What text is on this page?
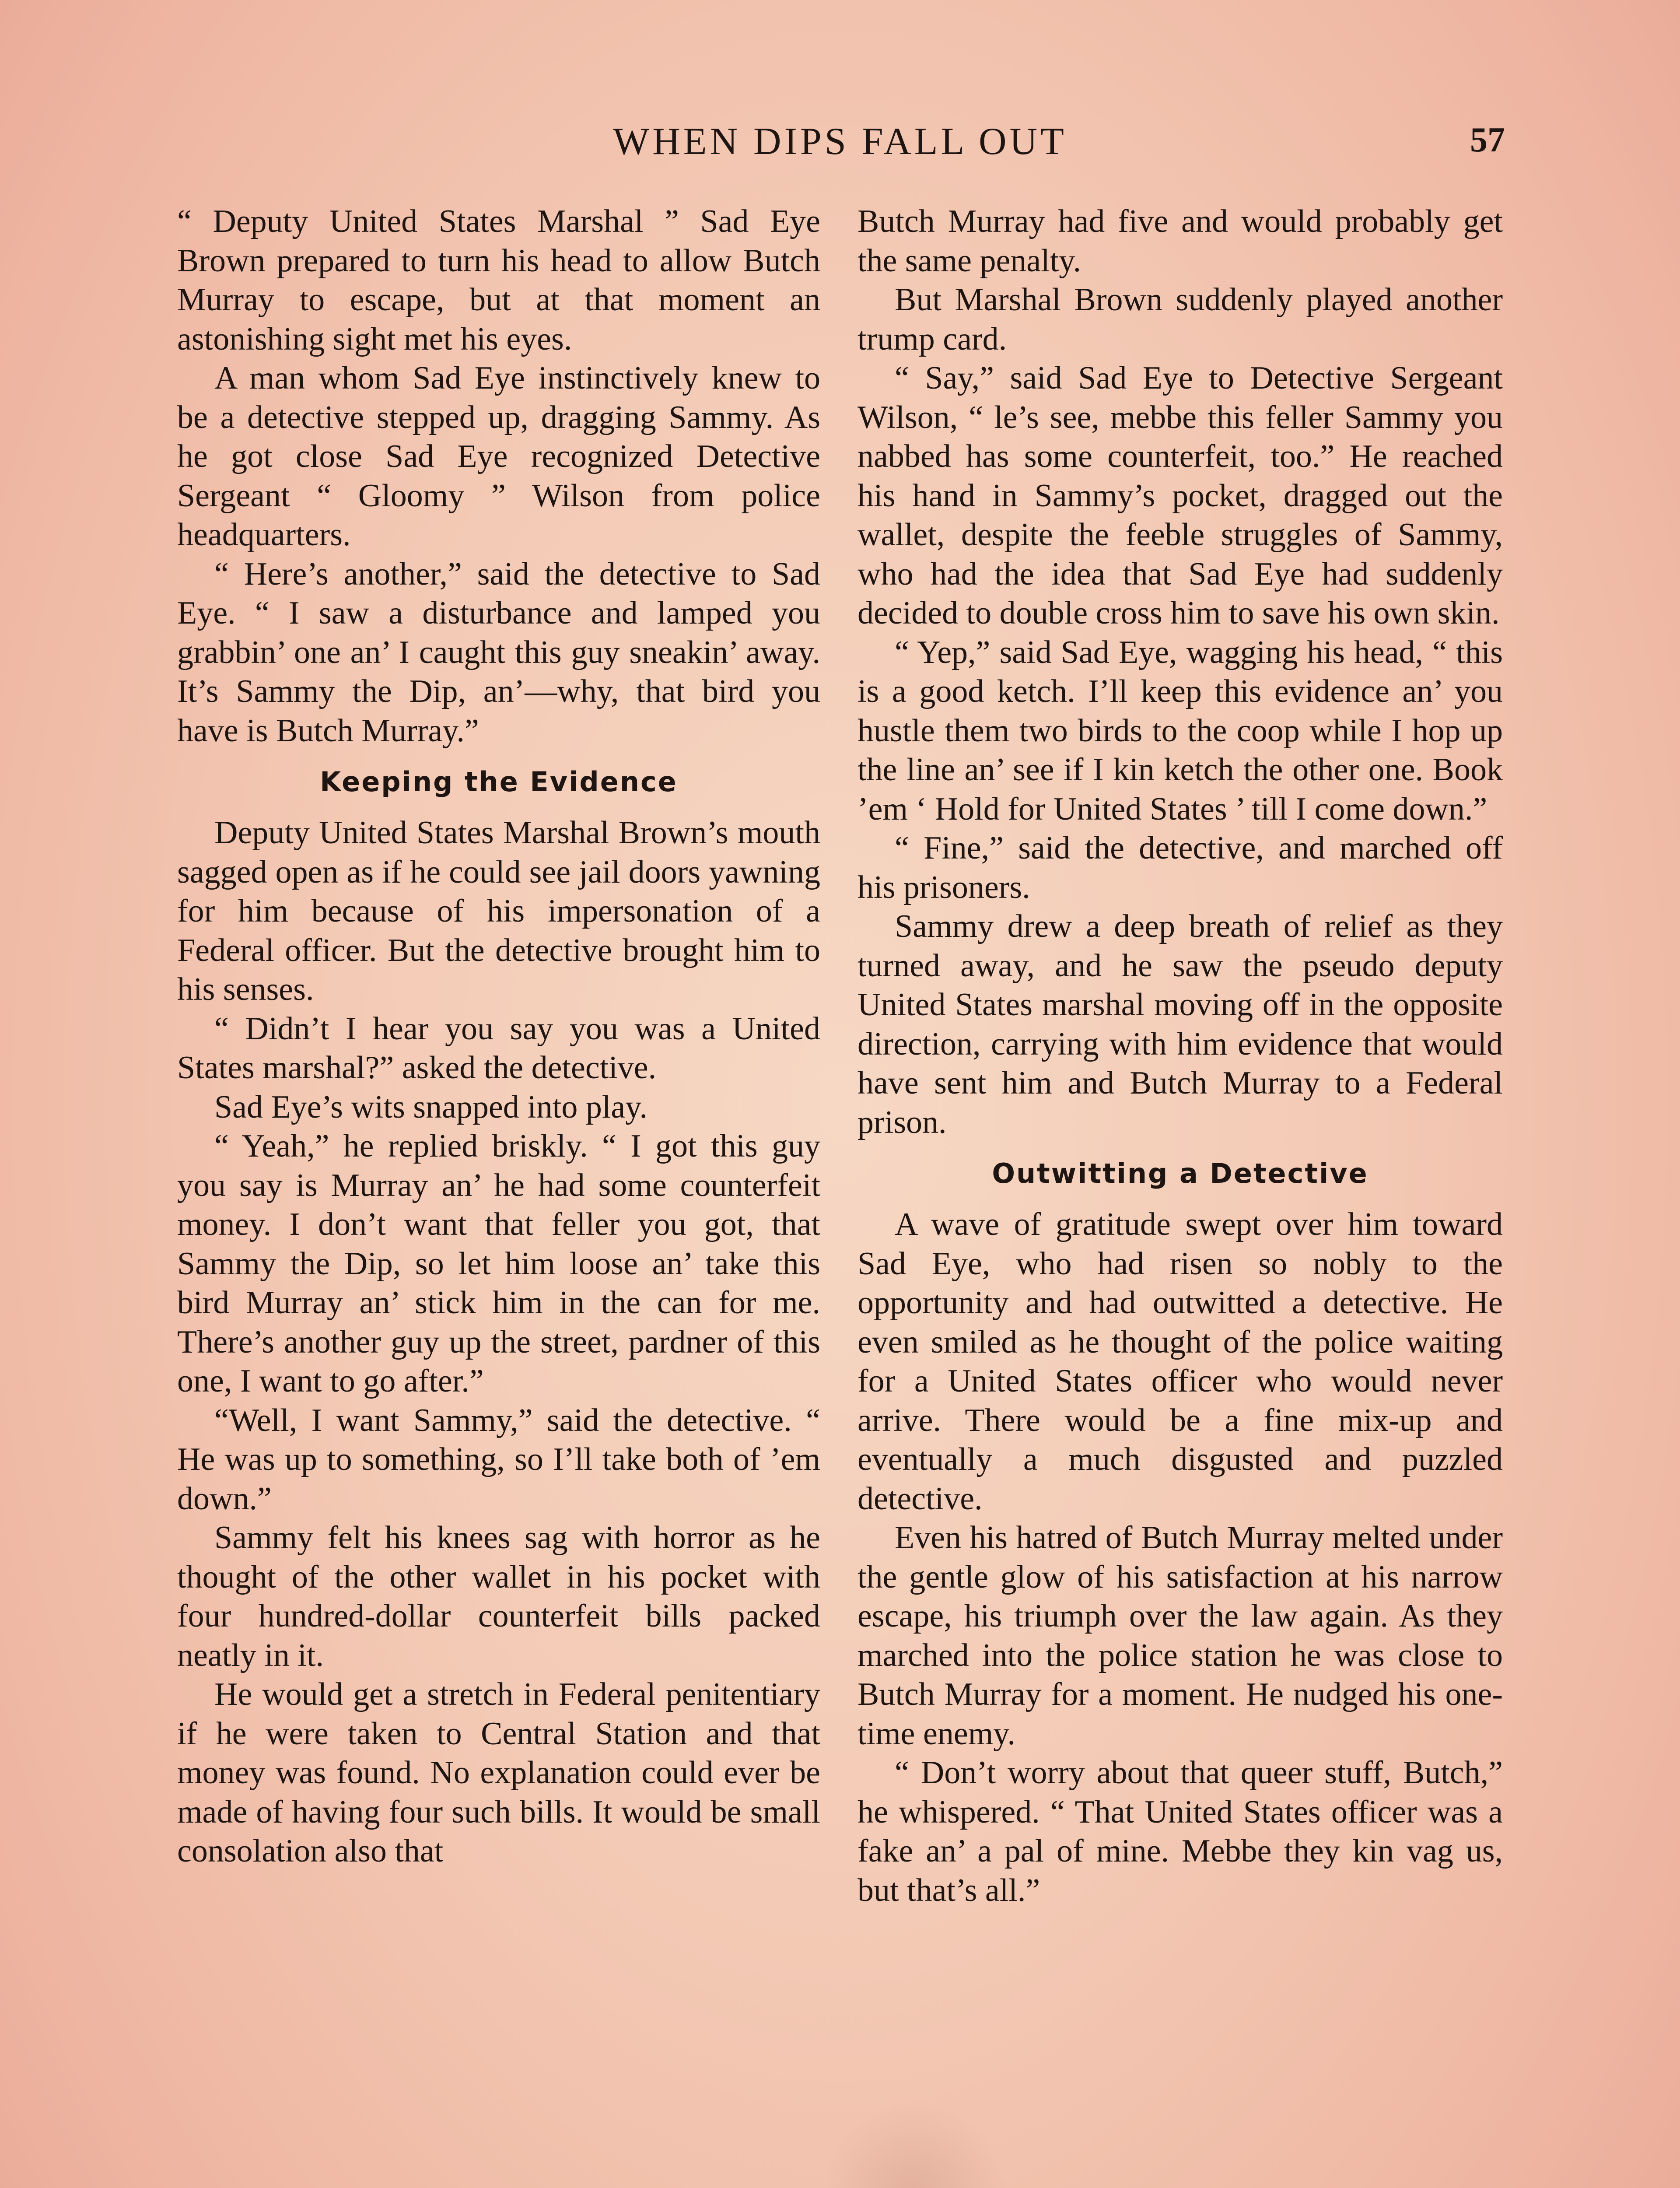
WHEN DIPS FALL OUT	57

“ Deputy United States Marshal ” Sad Eye Brown prepared to turn his head to allow Butch Murray to escape, but at that moment an astonishing sight met his eyes.

A man whom Sad Eye instinctively knew to be a detective stepped up, dragging Sammy. As he got close Sad Eye recognized Detective Sergeant “ Gloomy ” Wilson from police headquarters.

“ Here’s another,” said the detective to Sad Eye. “ I saw a disturbance and lamped you grabbin’ one an’ I caught this guy sneakin’ away. It’s Sammy the Dip, an’—why, that bird you have is Butch Murray.”

Keeping the Evidence

Deputy United States Marshal Brown’s mouth sagged open as if he could see jail doors yawning for him because of his impersonation of a Federal officer. But the detective brought him to his senses.

“ Didn’t I hear you say you was a United States marshal?” asked the detective.

Sad Eye’s wits snapped into play.

“ Yeah,” he replied briskly. “ I got this guy you say is Murray an’ he had some counterfeit money. I don’t want that feller you got, that Sammy the Dip, so let him loose an’ take this bird Murray an’ stick him in the can for me. There’s another guy up the street, pardner of this one, I want to go after.”

“Well, I want Sammy,” said the detective. “ He was up to something, so I’ll take both of ’em down.”

Sammy felt his knees sag with horror as he thought of the other wallet in his pocket with four hundred-dollar counterfeit bills packed neatly in it.

He would get a stretch in Federal penitentiary if he were taken to Central Station and that money was found. No explanation could ever be made of having four such bills. It would be small consolation also that

Butch Murray had five and would probably get the same penalty.

But Marshal Brown suddenly played another trump card.

“ Say,” said Sad Eye to Detective Sergeant Wilson, “ le’s see, mebbe this feller Sammy you nabbed has some counterfeit, too.” He reached his hand in Sammy’s pocket, dragged out the wallet, despite the feeble struggles of Sammy, who had the idea that Sad Eye had suddenly decided to double cross him to save his own skin.

“ Yep,” said Sad Eye, wagging his head, “ this is a good ketch. I’ll keep this evidence an’ you hustle them two birds to the coop while I hop up the line an’ see if I kin ketch the other one. Book ’em ‘ Hold for United States ’ till I come down.”

“ Fine,” said the detective, and marched off his prisoners.

Sammy drew a deep breath of relief as they turned away, and he saw the pseudo deputy United States marshal moving off in the opposite direction, carrying with him evidence that would have sent him and Butch Murray to a Federal prison.

Outwitting a Detective

A wave of gratitude swept over him toward Sad Eye, who had risen so nobly to the opportunity and had outwitted a detective. He even smiled as he thought of the police waiting for a United States officer who would never arrive. There would be a fine mix-up and eventually a much disgusted and puzzled detective.

Even his hatred of Butch Murray melted under the gentle glow of his satisfaction at his narrow escape, his triumph over the law again. As they marched into the police station he was close to Butch Murray for a moment. He nudged his one-time enemy.

“ Don’t worry about that queer stuff, Butch,” he whispered. “ That United States officer was a fake an’ a pal of mine. Mebbe they kin vag us, but that’s all.”
